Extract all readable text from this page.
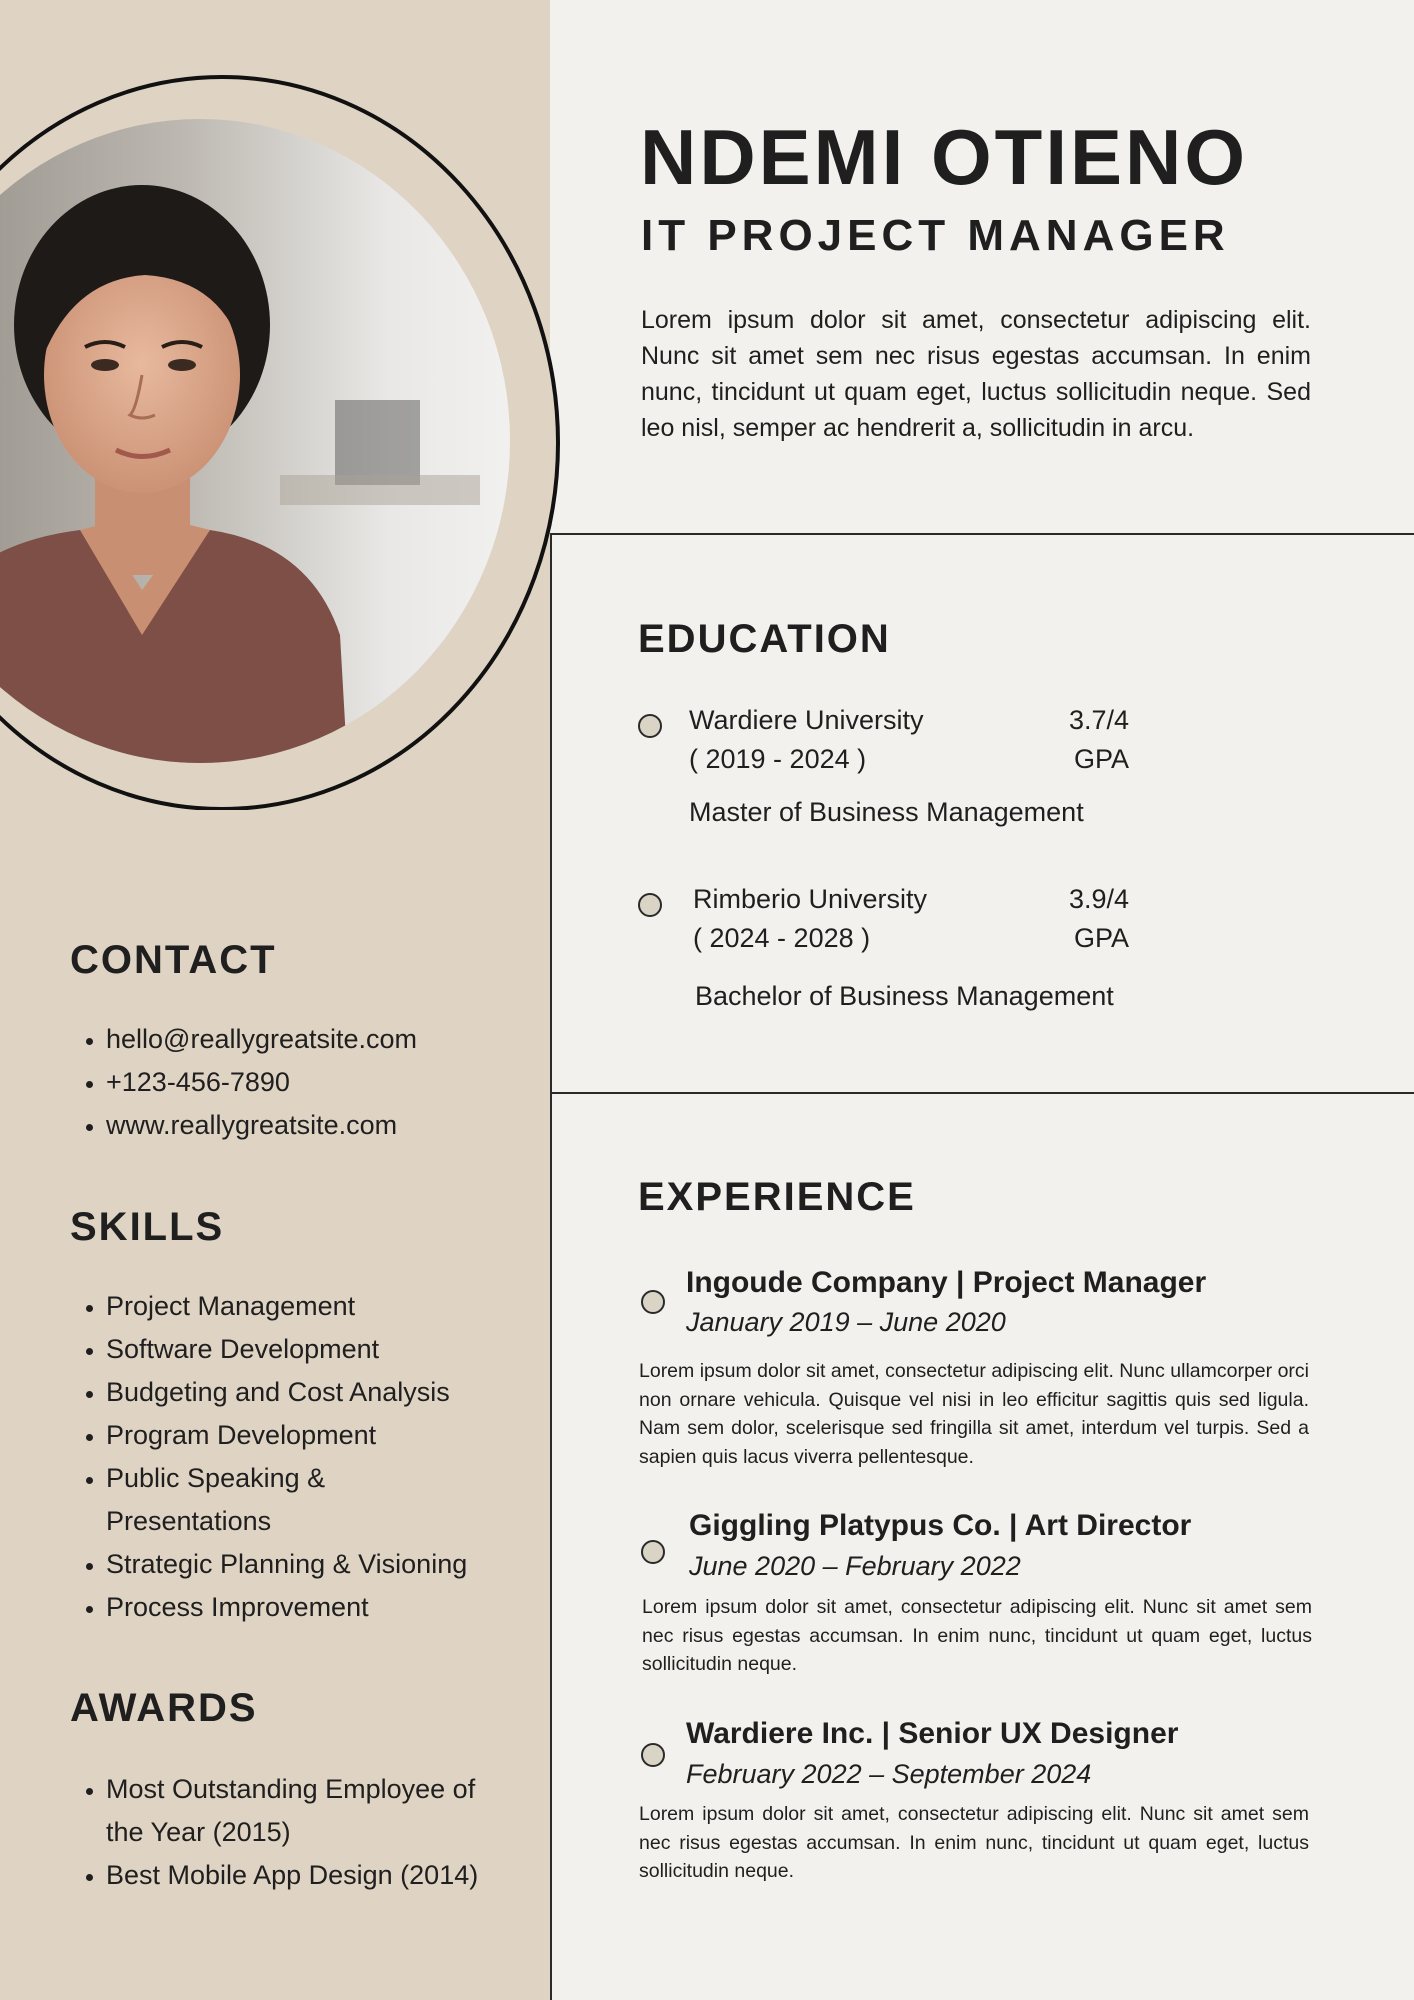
NDEMI OTIENO
IT PROJECT MANAGER

Lorem ipsum dolor sit amet, consectetur adipiscing elit. Nunc sit amet sem nec risus egestas accumsan. In enim nunc, tincidunt ut quam eget, luctus sollicitudin neque. Sed leo nisl, semper ac hendrerit a, sollicitudin in arcu.

CONTACT
• hello@reallygreatsite.com
• +123-456-7890
• www.reallygreatsite.com
SKILLS
• Project Management
• Software Development
• Budgeting and Cost Analysis
• Program Development
• Public Speaking & Presentations
• Strategic Planning & Visioning
• Process Improvement
AWARDS
• Most Outstanding Employee of the Year (2015)
• Best Mobile App Design (2014)
EDUCATION
Wardiere University
( 2019 - 2024 )
3.7/4
GPA
Master of Business Management
Rimberio University
( 2024 - 2028 )
3.9/4
GPA
Bachelor of Business Management
EXPERIENCE
Ingoude Company | Project Manager
January 2019 – June 2020

Lorem ipsum dolor sit amet, consectetur adipiscing elit. Nunc ullamcorper orci non ornare vehicula. Quisque vel nisi in leo efficitur sagittis quis sed ligula. Nam sem dolor, scelerisque sed fringilla sit amet, interdum vel turpis. Sed a sapien quis lacus viverra pellentesque.

Giggling Platypus Co. | Art Director
June 2020 – February 2022

Lorem ipsum dolor sit amet, consectetur adipiscing elit. Nunc sit amet sem nec risus egestas accumsan. In enim nunc, tincidunt ut quam eget, luctus sollicitudin neque.

Wardiere Inc. | Senior UX Designer
February 2022 – September 2024

Lorem ipsum dolor sit amet, consectetur adipiscing elit. Nunc sit amet sem nec risus egestas accumsan. In enim nunc, tincidunt ut quam eget, luctus sollicitudin neque.
